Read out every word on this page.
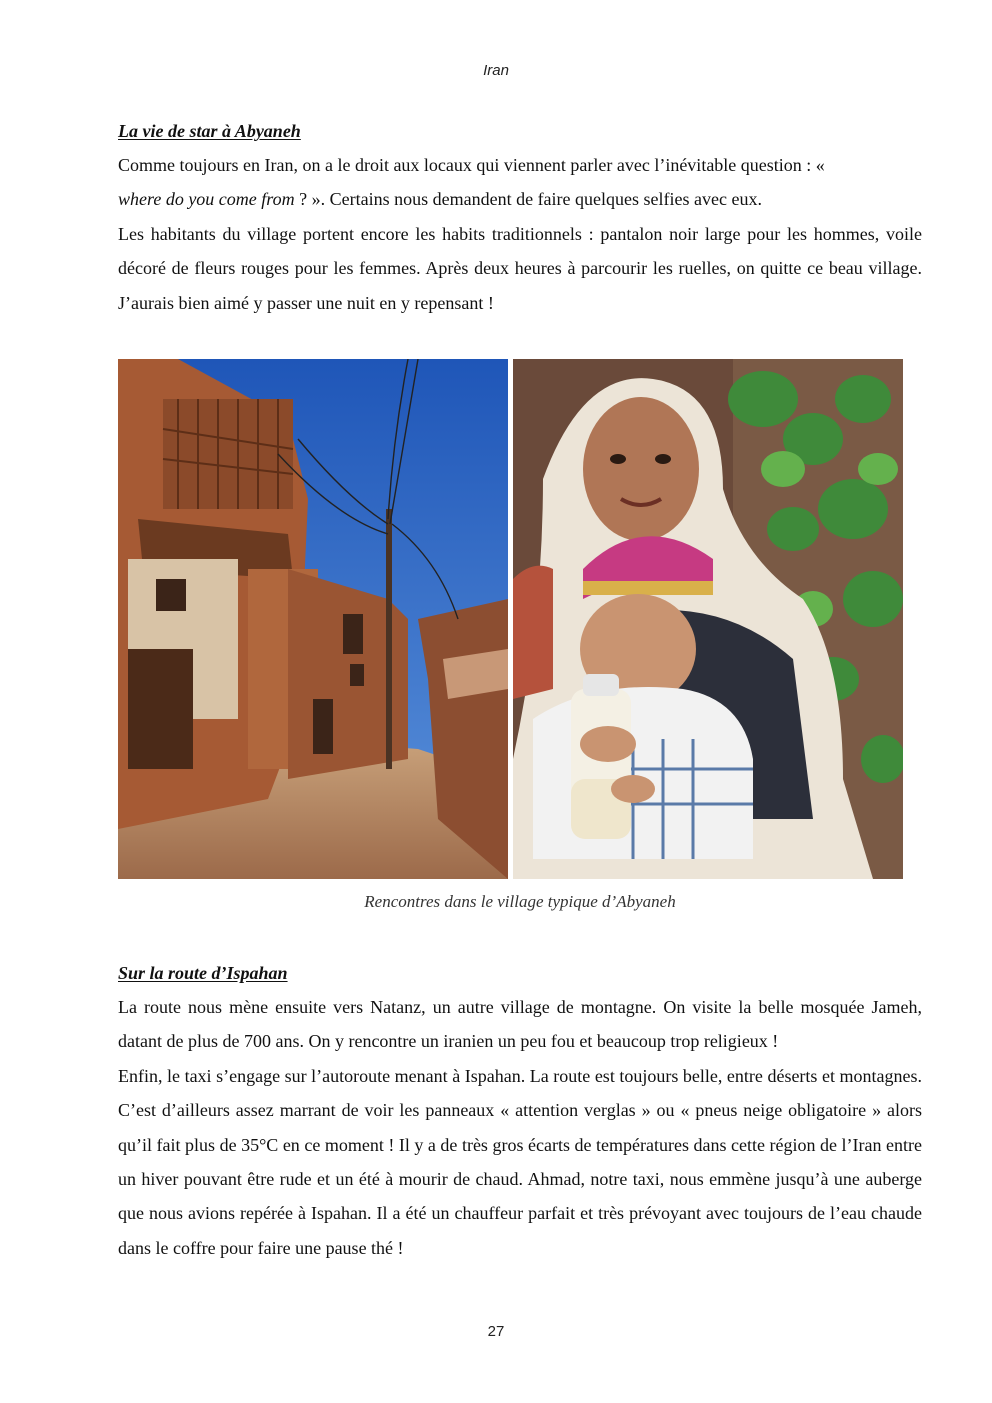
Iran

La vie de star à Abyaneh

Comme toujours en Iran, on a le droit aux locaux qui viennent parler avec l’inévitable question : «
where do you come from ? ». Certains nous demandent de faire quelques selfies avec eux.

Les habitants du village portent encore les habits traditionnels : pantalon noir large pour les hommes, voile décoré de fleurs rouges pour les femmes. Après deux heures à parcourir les ruelles, on quitte ce beau village. J’aurais bien aimé y passer une nuit en y repensant !

Rencontres dans le village typique d’Abyaneh

Sur la route d’Ispahan

La route nous mène ensuite vers Natanz, un autre village de montagne. On visite la belle mosquée Jameh, datant de plus de 700 ans. On y rencontre un iranien un peu fou et beaucoup trop religieux !

Enfin, le taxi s’engage sur l’autoroute menant à Ispahan. La route est toujours belle, entre déserts et montagnes. C’est d’ailleurs assez marrant de voir les panneaux « attention verglas » ou « pneus neige obligatoire » alors qu’il fait plus de 35°C en ce moment ! Il y a de très gros écarts de températures dans cette région de l’Iran entre un hiver pouvant être rude et un été à mourir de chaud. Ahmad, notre taxi, nous emmène jusqu’à une auberge que nous avions repérée à Ispahan. Il a été un chauffeur parfait et très prévoyant avec toujours de l’eau chaude dans le coffre pour faire une pause thé !

27
